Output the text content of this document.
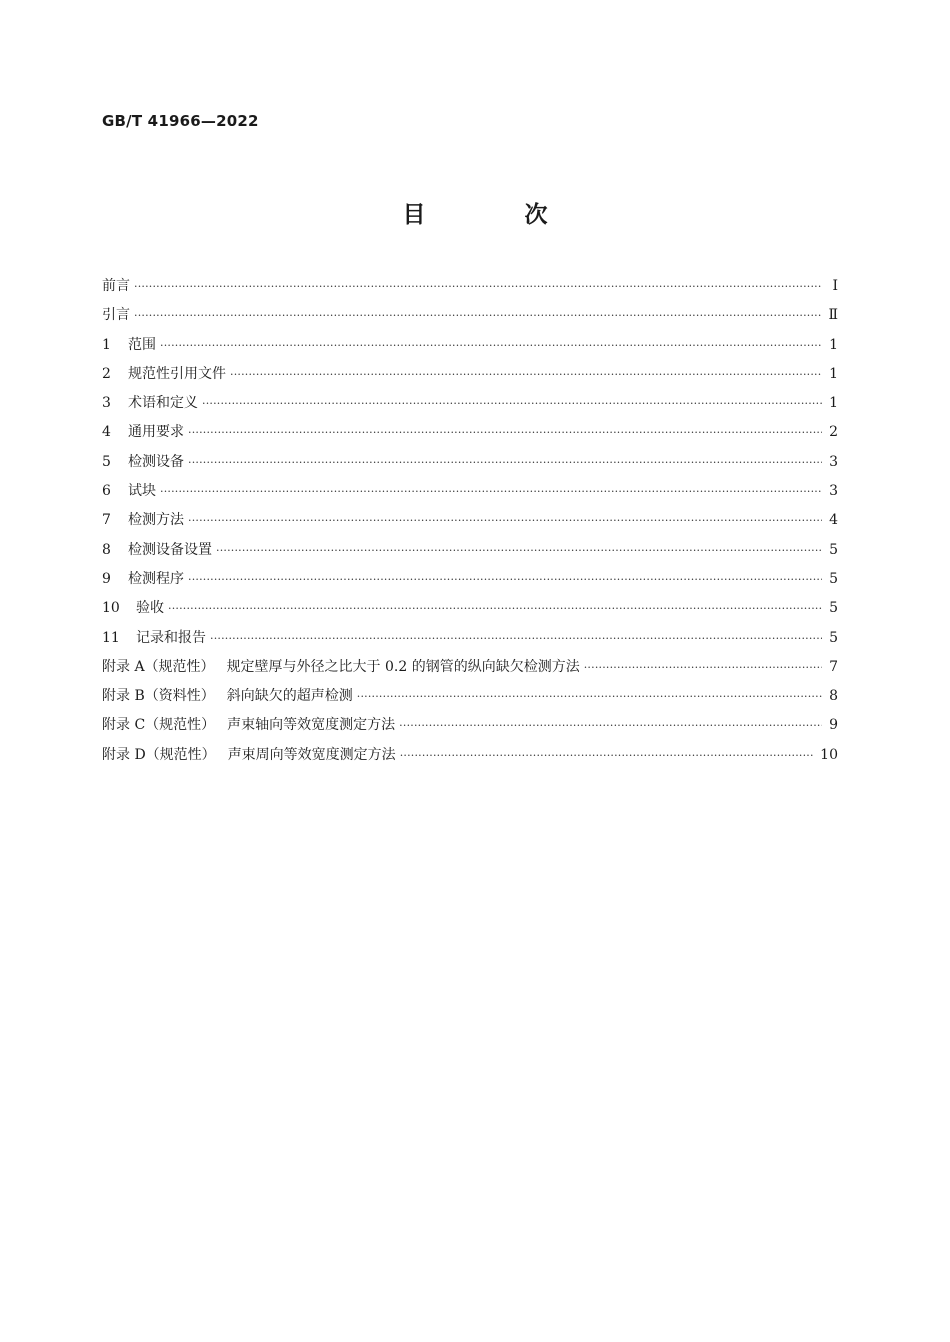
GB/T 41966—2022
目　次
前言 ·····	Ⅰ
引言 ·····	Ⅱ
1	范围 ·····	1
2	规范性引用文件 ·····	1
3	术语和定义 ·····	1
4	通用要求 ·····	2
5	检测设备 ·····	3
6	试块 ·····	3
7	检测方法 ·····	4
8	检测设备设置 ·····	5
9	检测程序 ·····	5
10	验收 ·····	5
11	记录和报告 ·····	5
附录 A（规范性） 规定壁厚与外径之比大于 0.2 的钢管的纵向缺欠检测方法 ·····	7
附录 B（资料性） 斜向缺欠的超声检测 ·····	8
附录 C（规范性） 声束轴向等效宽度测定方法 ·····	9
附录 D（规范性） 声束周向等效宽度测定方法 ·····	10
